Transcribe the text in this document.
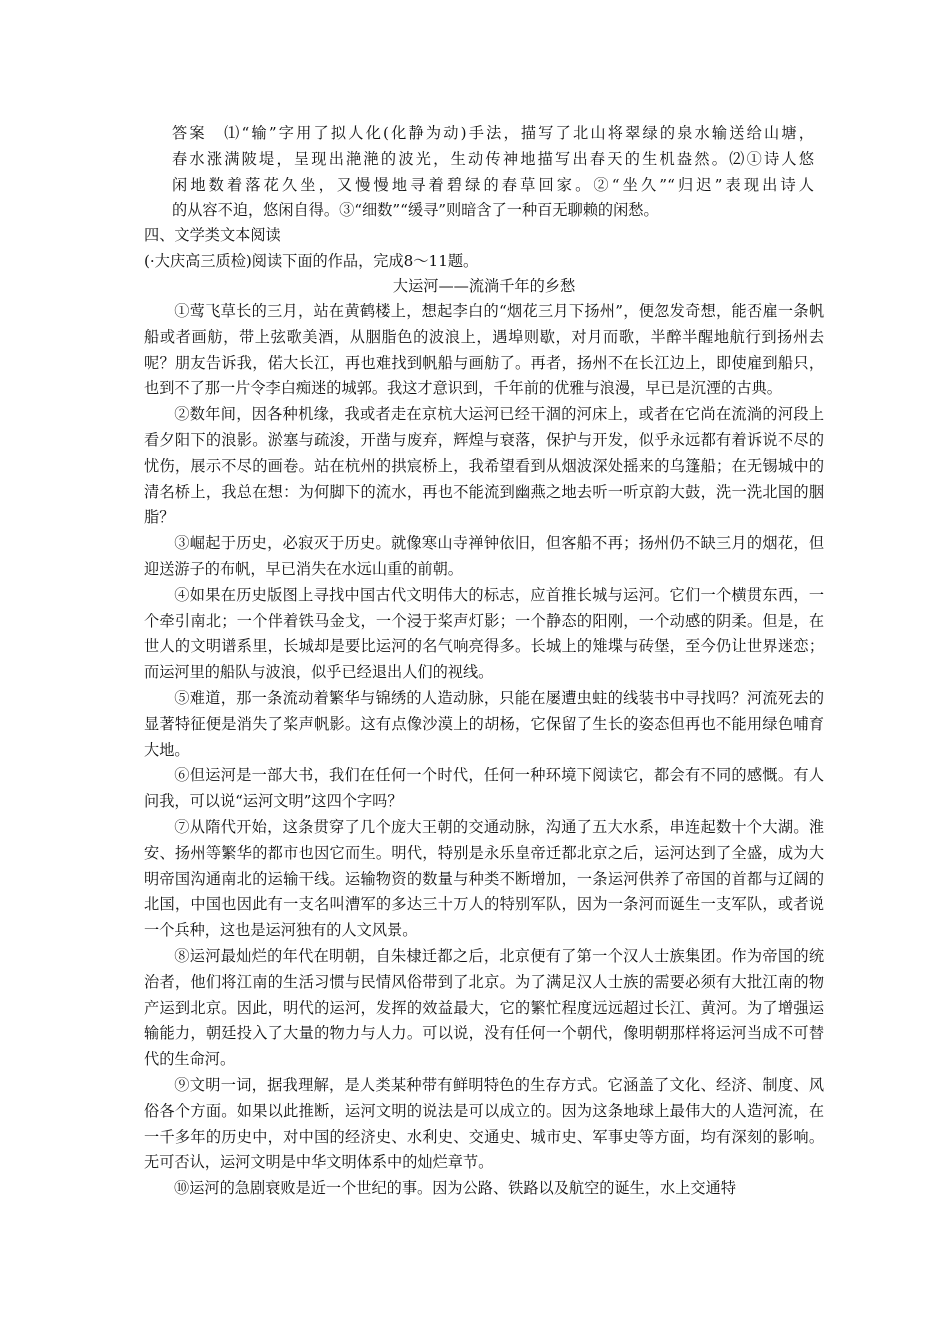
答案　⑴“输”字用了拟人化(化静为动)手法，描写了北山将翠绿的泉水输送给山塘，

春水涨满陂堤，呈现出滟滟的波光，生动传神地描写出春天的生机盎然。⑵①诗人悠

闲地数着落花久坐，又慢慢地寻着碧绿的春草回家。②“坐久”“归迟”表现出诗人

的从容不迫，悠闲自得。③“细数”“缓寻”则暗含了一种百无聊赖的闲愁。

四、文学类文本阅读

(·大庆高三质检)阅读下面的作品，完成8～11题。

大运河——流淌千年的乡愁

①莺飞草长的三月，站在黄鹤楼上，想起李白的“烟花三月下扬州”，便忽发奇想，能否雇一条帆船或者画舫，带上弦歌美酒，从胭脂色的波浪上，遇埠则歇，对月而歌，半醉半醒地航行到扬州去呢？朋友告诉我，偌大长江，再也难找到帆船与画舫了。再者，扬州不在长江边上，即使雇到船只，也到不了那一片令李白痴迷的城郭。我这才意识到，千年前的优雅与浪漫，早已是沉湮的古典。

②数年间，因各种机缘，我或者走在京杭大运河已经干涸的河床上，或者在它尚在流淌的河段上看夕阳下的浪影。淤塞与疏浚，开凿与废弃，辉煌与衰落，保护与开发，似乎永远都有着诉说不尽的忧伤，展示不尽的画卷。站在杭州的拱宸桥上，我希望看到从烟波深处摇来的乌篷船；在无锡城中的清名桥上，我总在想：为何脚下的流水，再也不能流到幽燕之地去听一听京韵大鼓，洗一洗北国的胭脂？

③崛起于历史，必寂灭于历史。就像寒山寺禅钟依旧，但客船不再；扬州仍不缺三月的烟花，但迎送游子的布帆，早已消失在水远山重的前朝。

④如果在历史版图上寻找中国古代文明伟大的标志，应首推长城与运河。它们一个横贯东西，一个牵引南北；一个伴着铁马金戈，一个浸于桨声灯影；一个静态的阳刚，一个动感的阴柔。但是，在世人的文明谱系里，长城却是要比运河的名气响亮得多。长城上的雉堞与砖堡，至今仍让世界迷恋；而运河里的船队与波浪，似乎已经退出人们的视线。

⑤难道，那一条流动着繁华与锦绣的人造动脉，只能在屡遭虫蛀的线装书中寻找吗？河流死去的显著特征便是消失了桨声帆影。这有点像沙漠上的胡杨，它保留了生长的姿态但再也不能用绿色哺育大地。

⑥但运河是一部大书，我们在任何一个时代，任何一种环境下阅读它，都会有不同的感慨。有人问我，可以说“运河文明”这四个字吗？

⑦从隋代开始，这条贯穿了几个庞大王朝的交通动脉，沟通了五大水系，串连起数十个大湖。淮安、扬州等繁华的都市也因它而生。明代，特别是永乐皇帝迁都北京之后，运河达到了全盛，成为大明帝国沟通南北的运输干线。运输物资的数量与种类不断增加，一条运河供养了帝国的首都与辽阔的北国，中国也因此有一支名叫漕军的多达三十万人的特别军队，因为一条河而诞生一支军队，或者说一个兵种，这也是运河独有的人文风景。

⑧运河最灿烂的年代在明朝，自朱棣迁都之后，北京便有了第一个汉人士族集团。作为帝国的统治者，他们将江南的生活习惯与民情风俗带到了北京。为了满足汉人士族的需要必须有大批江南的物产运到北京。因此，明代的运河，发挥的效益最大，它的繁忙程度远远超过长江、黄河。为了增强运输能力，朝廷投入了大量的物力与人力。可以说，没有任何一个朝代，像明朝那样将运河当成不可替代的生命河。

⑨文明一词，据我理解，是人类某种带有鲜明特色的生存方式。它涵盖了文化、经济、制度、风俗各个方面。如果以此推断，运河文明的说法是可以成立的。因为这条地球上最伟大的人造河流，在一千多年的历史中，对中国的经济史、水利史、交通史、城市史、军事史等方面，均有深刻的影响。无可否认，运河文明是中华文明体系中的灿烂章节。

⑩运河的急剧衰败是近一个世纪的事。因为公路、铁路以及航空的诞生，水上交通特
